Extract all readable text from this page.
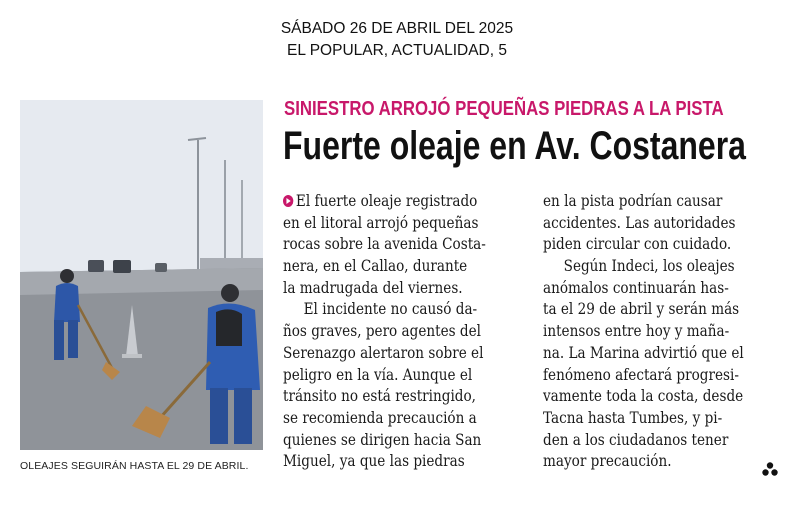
SÁBADO 26 DE ABRIL DEL 2025
EL POPULAR, ACTUALIDAD, 5
OLEAJES SEGUIRÁN HASTA EL 29 DE ABRIL.
SINIESTRO ARROJÓ PEQUEÑAS PIEDRAS A LA PISTA
Fuerte oleaje en Av. Costanera
El fuerte oleaje registrado
en el litoral arrojó pequeñas
rocas sobre la avenida Costa-
nera, en el Callao, durante
la madrugada del viernes.
El incidente no causó da-
ños graves, pero agentes del
Serenazgo alertaron sobre el
peligro en la vía. Aunque el
tránsito no está restringido,
se recomienda precaución a
quienes se dirigen hacia San
Miguel, ya que las piedras
en la pista podrían causar
accidentes. Las autoridades
piden circular con cuidado.
Según Indeci, los oleajes
anómalos continuarán has-
ta el 29 de abril y serán más
intensos entre hoy y maña-
na. La Marina advirtió que el
fenómeno afectará progresi-
vamente toda la costa, desde
Tacna hasta Tumbes, y pi-
den a los ciudadanos tener
mayor precaución.
